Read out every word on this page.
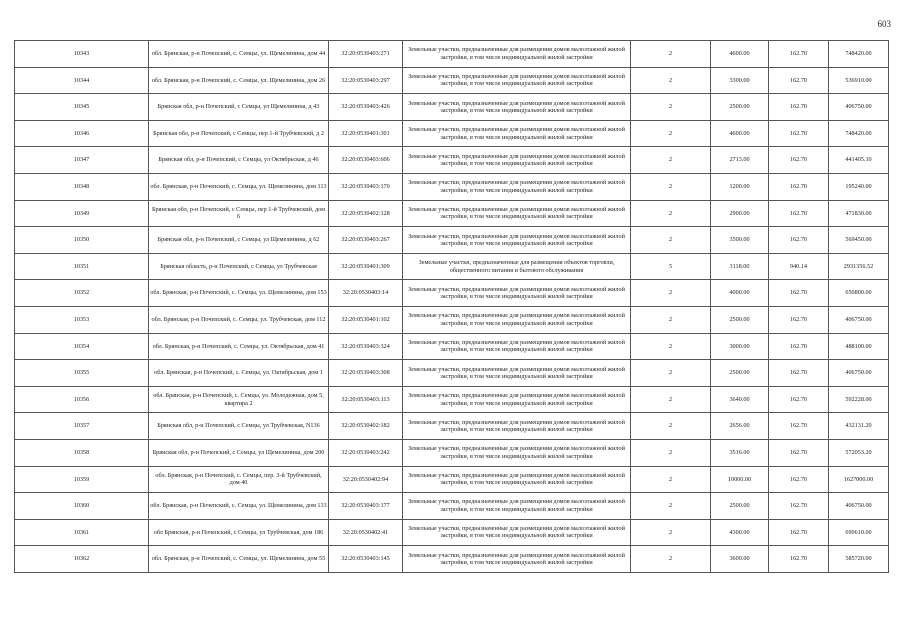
603
10343	обл. Брянская, р-н Почепский, с. Семцы, ул. Щемелинина, дом 44	32:20:0530403:271	Земельные участки, предназначенные для размещения домов малоэтажной жилой застройки, в том числе индивидуальной жилой застройки	2	4600.00	162.70	748420.00
10344	обл. Брянская, р-н Почепский, с. Семцы, ул. Щемелинина, дом 26	32:20:0530403:297	Земельные участки, предназначенные для размещения домов малоэтажной жилой застройки, в том числе индивидуальной жилой застройки	2	3300.00	162.70	536910.00
10345	Брянская обл, р-н Почепский, с Семцы, ул Щемелинина, д 43	32:20:0530403:426	Земельные участки, предназначенные для размещения домов малоэтажной жилой застройки, в том числе индивидуальной жилой застройки	2	2500.00	162.70	406750.00
10346	Брянская обл, р-н Почепский, с Семцы, пер 1-й Трубчевский, д 2	32:20:0530401:301	Земельные участки, предназначенные для размещения домов малоэтажной жилой застройки, в том числе индивидуальной жилой застройки	2	4600.00	162.70	748420.00
10347	Брянская обл, р-н Почепский, с Семцы, ул Октябрьская, д 46	32:20:0530403:606	Земельные участки, предназначенные для размещения домов малоэтажной жилой застройки, в том числе индивидуальной жилой застройки	2	2713.00	162.70	441405.10
10348	обл. Брянская, р-н Почепский, с. Семцы, ул. Щемелинина, дом 113	32:20:0530403:170	Земельные участки, предназначенные для размещения домов малоэтажной жилой застройки, в том числе индивидуальной жилой застройки	2	1200.00	162.70	195240.00
10349	Брянская обл, р-н Почепский, с Семцы, пер 1-й Трубчевский, дом 6	32:20:0530402:128	Земельные участки, предназначенные для размещения домов малоэтажной жилой застройки, в том числе индивидуальной жилой застройки	2	2900.00	162.70	471830.00
10350	Брянская обл, р-н Почепский, с Семцы, ул Щемелинина, д 62	32:20:0530403:267	Земельные участки, предназначенные для размещения домов малоэтажной жилой застройки, в том числе индивидуальной жилой застройки	2	3500.00	162.70	569450.00
10351	Брянская область, р-н Почепский, с Семцы, ул Трубчевская	32:20:0530401:309	Земельные участки, предназначенные для размещения объектов торговли, общественного питания и бытового обслуживания	5	3118.00	940.14	2931356.52
10352	обл. Брянская, р-н Почепский, с. Семцы, ул. Щемелинина, дом 153	32:20:0530403:14	Земельные участки, предназначенные для размещения домов малоэтажной жилой застройки, в том числе индивидуальной жилой застройки	2	4000.00	162.70	650800.00
10353	обл. Брянская, р-н Почепский, с. Семцы, ул. Трубчевская, дом 112	32:20:0530401:102	Земельные участки, предназначенные для размещения домов малоэтажной жилой застройки, в том числе индивидуальной жилой застройки	2	2500.00	162.70	406750.00
10354	обл. Брянская, р-н Почепский, с. Семцы, ул. Октябрьская, дом 41	32:20:0530403:324	Земельные участки, предназначенные для размещения домов малоэтажной жилой застройки, в том числе индивидуальной жилой застройки	2	3000.00	162.70	488100.00
10355	обл. Брянская, р-н Почепский, с. Семцы, ул. Октябрьская, дом 1	32:20:0530403:308	Земельные участки, предназначенные для размещения домов малоэтажной жилой застройки, в том числе индивидуальной жилой застройки	2	2500.00	162.70	406750.00
10356	обл. Брянская, р-н Почепский, с. Семцы, ул. Молодежная, дом 5, квартира 2	32:20:0530403:113	Земельные участки, предназначенные для размещения домов малоэтажной жилой застройки, в том числе индивидуальной жилой застройки	2	3640.00	162.70	592228.00
10357	Брянская обл, р-н Почепский, с Семцы, ул Трубчевская, N136	32:20:0530402:182	Земельные участки, предназначенные для размещения домов малоэтажной жилой застройки, в том числе индивидуальной жилой застройки	2	2656.00	162.70	432131.20
10358	Брянская обл, р-н Почепский, с Семцы, ул Щемелинина, дом 200	32:20:0530403:242	Земельные участки, предназначенные для размещения домов малоэтажной жилой застройки, в том числе индивидуальной жилой застройки	2	3516.00	162.70	572053.20
10359	обл. Брянская, р-н Почепский, с. Семцы, пер. 3-й Трубчевский, дом 40	32:20:0530402:94	Земельные участки, предназначенные для размещения домов малоэтажной жилой застройки, в том числе индивидуальной жилой застройки	2	10000.00	162.70	1627000.00
10360	обл. Брянская, р-н Почепский, с. Семцы, ул. Щемелинина, дом 133	32:20:0530403:177	Земельные участки, предназначенные для размещения домов малоэтажной жилой застройки, в том числе индивидуальной жилой застройки	2	2500.00	162.70	406750.00
10361	обл Брянская, р-н Почепский, с Семцы, ул Трубчевская, дом 186	32:20:0530402:41	Земельные участки, предназначенные для размещения домов малоэтажной жилой застройки, в том числе индивидуальной жилой застройки	2	4300.00	162.70	699610.00
10362	обл. Брянская, р-н Почепский, с. Семцы, ул. Щемелинина, дом 55	32:20:0530403:145	Земельные участки, предназначенные для размещения домов малоэтажной жилой застройки, в том числе индивидуальной жилой застройки	2	3600.00	162.70	585720.00
